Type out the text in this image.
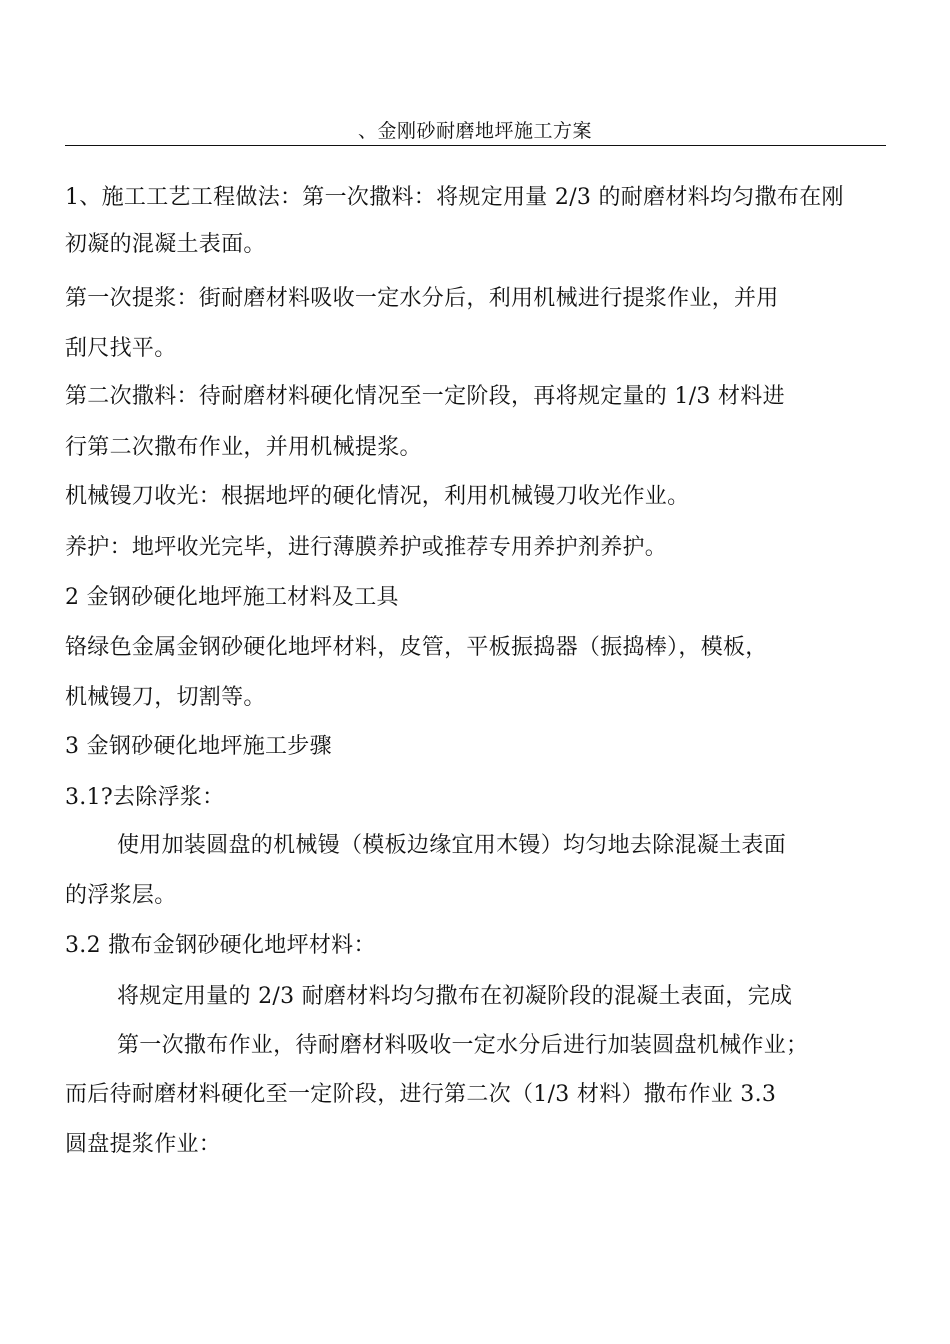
、金刚砂耐磨地坪施工方案
1、施工工艺工程做法：第一次撒料：将规定用量 2/3 的耐磨材料均匀撒布在刚
初凝的混凝土表面。
第一次提浆：街耐磨材料吸收一定水分后，利用机械进行提浆作业，并用
刮尺找平。
第二次撒料：待耐磨材料硬化情况至一定阶段，再将规定量的 1/3 材料进
行第二次撒布作业，并用机械提浆。
机械镘刀收光：根据地坪的硬化情况，利用机械镘刀收光作业。
养护：地坪收光完毕，进行薄膜养护或推荐专用养护剂养护。
2 金钢砂硬化地坪施工材料及工具
铬绿色金属金钢砂硬化地坪材料，皮管，平板振捣器（振捣棒），模板，
机械镘刀，切割等。
3 金钢砂硬化地坪施工步骤
3.1?去除浮浆：
使用加装圆盘的机械镘（模板边缘宜用木镘）均匀地去除混凝土表面
的浮浆层。
3.2 撒布金钢砂硬化地坪材料：
将规定用量的 2/3 耐磨材料均匀撒布在初凝阶段的混凝土表面，完成
第一次撒布作业，待耐磨材料吸收一定水分后进行加装圆盘机械作业；
而后待耐磨材料硬化至一定阶段，进行第二次（1/3 材料）撒布作业 3.3
圆盘提浆作业：
